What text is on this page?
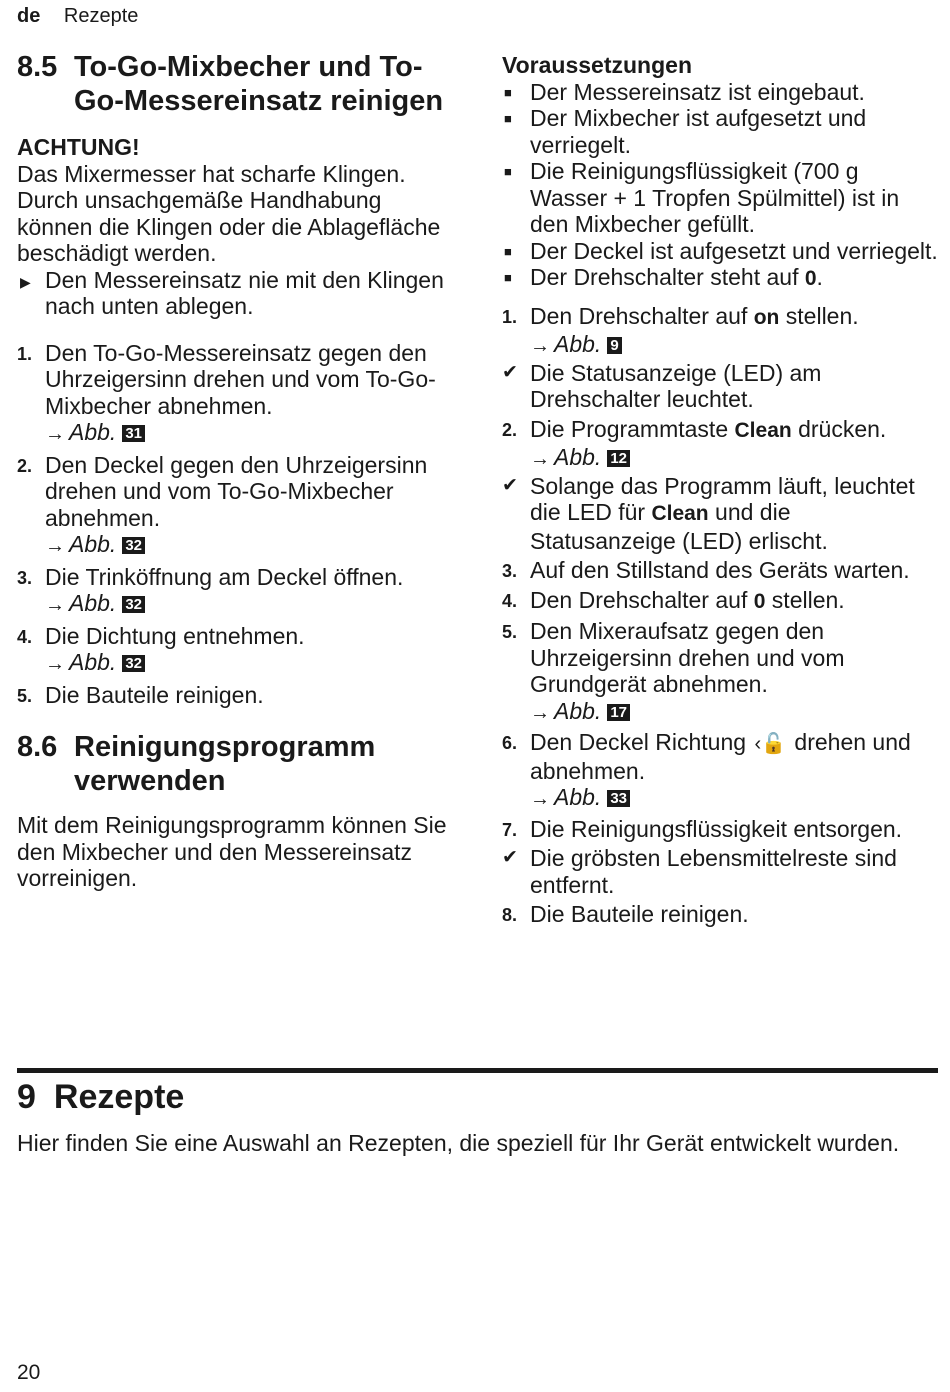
de Rezepte
8.5 To-Go-Mixbecher und To-Go-Messereinsatz reinigen
ACHTUNG!

Das Mixermesser hat scharfe Klingen. Durch unsachgemäße Handhabung können die Klingen oder die Ablagefläche beschädigt werden.

▶ Den Messereinsatz nie mit den Klingen nach unten ablegen.
1. Den To-Go-Messereinsatz gegen den Uhrzeigersinn drehen und vom To-Go-Mixbecher abnehmen.
→ Abb. 31
2. Den Deckel gegen den Uhrzeigersinn drehen und vom To-Go-Mixbecher abnehmen.
→ Abb. 32
3. Die Trinköffnung am Deckel öffnen.
→ Abb. 32
4. Die Dichtung entnehmen.
→ Abb. 32
5. Die Bauteile reinigen.
8.6 Reinigungsprogramm verwenden

Mit dem Reinigungsprogramm können Sie den Mixbecher und den Messereinsatz vorreinigen.

Voraussetzungen
■ Der Messereinsatz ist eingebaut.
■ Der Mixbecher ist aufgesetzt und verriegelt.
■ Die Reinigungsflüssigkeit (700 g Wasser + 1 Tropfen Spülmittel) ist in den Mixbecher gefüllt.
■ Der Deckel ist aufgesetzt und verriegelt.
■ Der Drehschalter steht auf 0.
1. Den Drehschalter auf on stellen.
→ Abb. 9
✔ Die Statusanzeige (LED) am Drehschalter leuchtet.
2. Die Programmtaste Clean drücken.
→ Abb. 12
✔ Solange das Programm läuft, leuchtet die LED für Clean und die Statusanzeige (LED) erlischt.
3. Auf den Stillstand des Geräts warten.
4. Den Drehschalter auf 0 stellen.
5. Den Mixeraufsatz gegen den Uhrzeigersinn drehen und vom Grundgerät abnehmen.
→ Abb. 17
6. Den Deckel Richtung ‹🔓 drehen und abnehmen.
→ Abb. 33
7. Die Reinigungsflüssigkeit entsorgen.
✔ Die gröbsten Lebensmittelreste sind entfernt.
8. Die Bauteile reinigen.
9 Rezepte

Hier finden Sie eine Auswahl an Rezepten, die speziell für Ihr Gerät entwickelt wurden.

20
